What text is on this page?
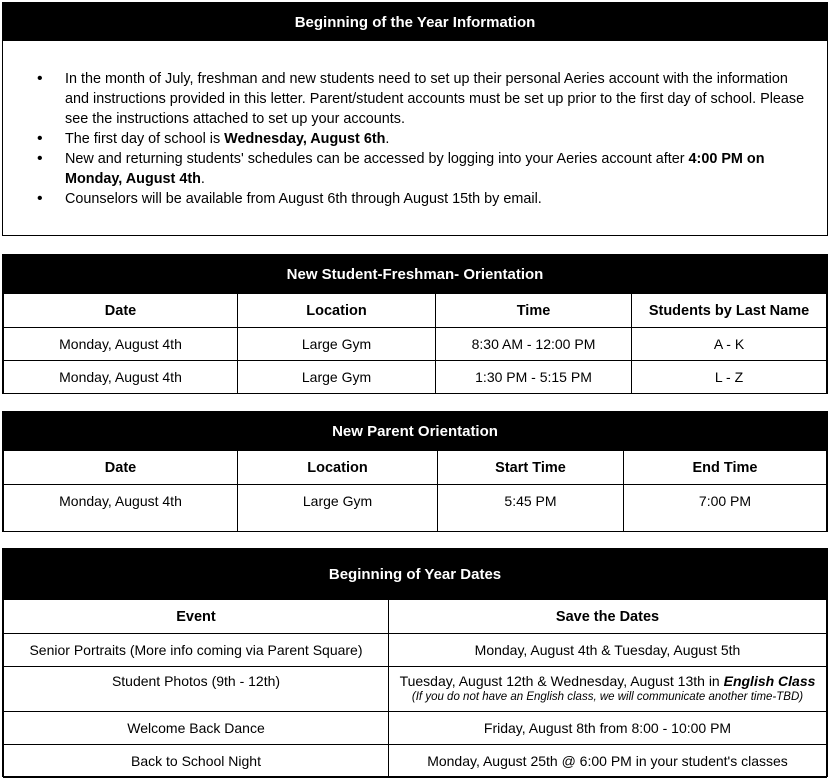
Beginning of the Year Information
• In the month of July, freshman and new students need to set up their personal Aeries account with the information and instructions provided in this letter. Parent/student accounts must be set up prior to the first day of school. Please see the instructions attached to set up your accounts.
• The first day of school is Wednesday, August 6th.
• New and returning students' schedules can be accessed by logging into your Aeries account after 4:00 PM on Monday, August 4th.
• Counselors will be available from August 6th through August 15th by email.
New Student-Freshman- Orientation
Date	Location	Time	Students by Last Name
Monday, August 4th	Large Gym	8:30 AM - 12:00 PM	A - K
Monday, August 4th	Large Gym	1:30 PM - 5:15 PM	L - Z
New Parent Orientation
Date	Location	Start Time	End Time
Monday, August 4th	Large Gym	5:45 PM	7:00 PM
Beginning of Year Dates
Event	Save the Dates
Senior Portraits (More info coming via Parent Square)	Monday, August 4th & Tuesday, August 5th
Student Photos (9th - 12th)	Tuesday, August 12th & Wednesday, August 13th in English Class
(If you do not have an English class, we will communicate another time-TBD)

Welcome Back Dance	Friday, August 8th from 8:00 - 10:00 PM
Back to School Night	Monday, August 25th @ 6:00 PM in your student's classes
